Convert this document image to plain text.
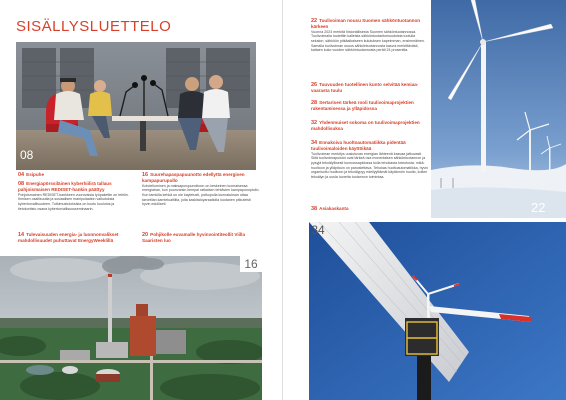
SISÄLLYSLUETTELO
08
04 Esipuhe
08 Energiapörssiläinen kyberhiilirä tallaus pahjoismaisen REDISET-hankin päättyy
Pohjoismainen REDISET-hankkeen vuorovaisia työpakettin on tehtiin. Ihmisen osallisuutta ja sosiaalisen manipulaation vaikutuksia kyberturvallisuuteen. Tutkimustuloksista on kootu koulutus ja tietokortisto osana kyberturvallisuusseminaarin.
14 Tulevaisuuden energia- ja luonnonvalikset mahdollisuudet puhuttavat EnergyWeeklillä
16 Suurehapaspapuunotto edellyttä energisen kampapurupullo
Kohdeliuminen ja maksapurupunottoon on keskeinen luomaisessa energiahan, kun puunvarsin kempai ratkaisen tehtävien kampapunoptullo. Kun tamkilla kehkä on ole kaytetusti, potkupulla kunnatuksan ottaa tarvetilan kamtelualtiilla, joita kaskitaloyaraatiolla luodanen pitkuteisti hyvin edulliseti.
20 Pohjikolle euvamalle hyvinvointiteollit Viilla Saaristen luo
16
22 Tuulivoiman nousu Suomen sähköntuotannon kärkeen
Vuonna 2024 merkitä historiallisesta Suomen sähköntuotannossa. Tuulivoimalla tuotettiin kalleista sähköntuotantomuodoista tuotulla sekalon, sähköön pitkäaikaiseen kulutuksen kapeimman, ensimmäinen. Samalla tuulivoiman osuus sähköntuotannosta kasvoi merkittävästi, kattaen koko vuoden sähköntuotannosta peräti 24 prosenttia.
26 Tuuvuuden tuotellinen kunto selvitää kemiaa- vaarasta tuulu
28 Sertarisen tärkeä rooli tuulivoimaprojektien rakentamisessa ja ylläpidossa
32 Yhdenmuiset sokoma on tuulivoimaprojektien mahdollisuksa
34 Ennakoiva huoltoautomatiikka pidentää tuulivoimaloiden käyttöikää
Tuulivoiman merkitys uusiutuvan energian lähteenä kasvaa jatkuvasti. Siitä tuulivoimapuistot ovat tärkeä osa monenlaisen sähköntuotannon ja pysyjä tekoälyllisesti kunnossapidossa kolla tehokasta toteutusta, mikä: huoltoon ja ylläpitoon on panostettava. Tehokas huoltoautomatiikka, hyvin organisoitu huoltoon ja tekoälypyy edellyyttämät käytännön huolto, kolten tekoälyn ja uusia tuoreita tuotannon toimintaa.
38 Asiakaskanta	22
34
